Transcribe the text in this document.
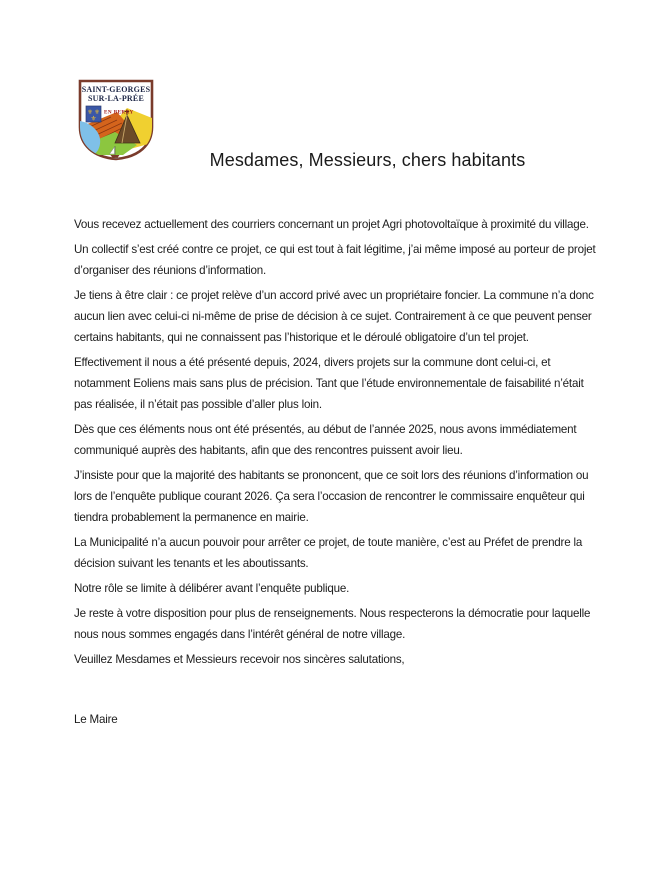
SAINT-GEORGES
SUR-LA-PRÉE
⚜ ⚜
⚜
EN BERRY
Mesdames, Messieurs, chers habitants

Vous recevez actuellement des courriers concernant un projet Agri photovoltaïque à proximité du village.

Un collectif s’est créé contre ce projet, ce qui est tout à fait légitime, j’ai même imposé au porteur de projet d’organiser des réunions d’information.

Je tiens à être clair : ce projet relève d’un accord privé avec un propriétaire foncier. La commune n’a donc aucun lien avec celui-ci ni-même de prise de décision à ce sujet. Contrairement à ce que peuvent penser certains habitants, qui ne connaissent pas l’historique et le déroulé obligatoire d’un tel projet.

Effectivement il nous a été présenté depuis, 2024, divers projets sur la commune dont celui-ci, et notamment Eoliens mais sans plus de précision. Tant que l’étude environnementale de faisabilité n’était pas réalisée, il n’était pas possible d’aller plus loin.

Dès que ces éléments nous ont été présentés, au début de l’année 2025, nous avons immédiatement communiqué auprès des habitants, afin que des rencontres puissent avoir lieu.

J’insiste pour que la majorité des habitants se prononcent, que ce soit lors des réunions d’information ou lors de l’enquête publique courant 2026. Ça sera l’occasion de rencontrer le commissaire enquêteur qui tiendra probablement la permanence en mairie.

La Municipalité n’a aucun pouvoir pour arrêter ce projet, de toute manière, c’est au Préfet de prendre la décision suivant les tenants et les aboutissants.

Notre rôle se limite à délibérer avant l’enquête publique.

Je reste à votre disposition pour plus de renseignements. Nous respecterons la démocratie pour laquelle nous nous sommes engagés dans l’intérêt général de notre village.

Veuillez Mesdames et Messieurs recevoir nos sincères salutations,

Le Maire
